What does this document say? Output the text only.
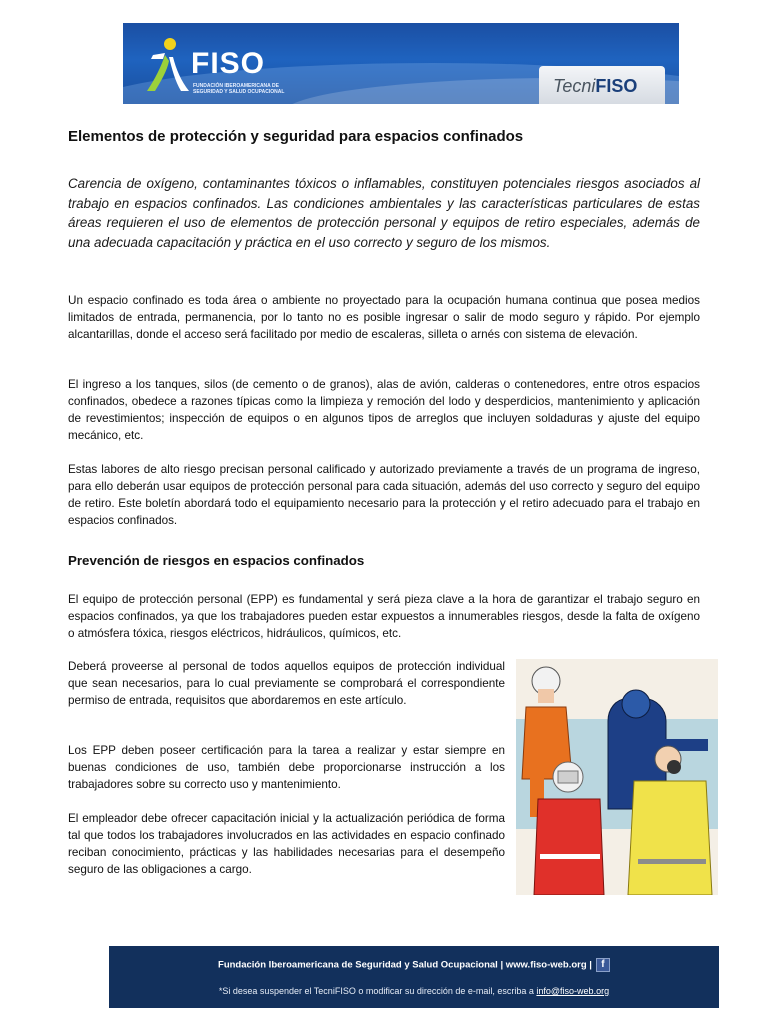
FISO
FUNDACIÓN IBEROAMERICANA DE SEGURIDAD Y SALUD OCUPACIONAL	TecniFISO
Elementos de protección y seguridad para espacios confinados

Carencia de oxígeno, contaminantes tóxicos o inflamables, constituyen potenciales riesgos asociados al trabajo en espacios confinados. Las condiciones ambientales y las características particulares de estas áreas requieren el uso de elementos de protección personal y equipos de retiro especiales, además de una adecuada capacitación y práctica en el uso correcto y seguro de los mismos.

Un espacio confinado es toda área o ambiente no proyectado para la ocupación humana continua que posea medios limitados de entrada, permanencia, por lo tanto no es posible ingresar o salir de modo seguro y rápido. Por ejemplo alcantarillas, donde el acceso será facilitado por medio de escaleras, silleta o arnés con sistema de elevación.

El ingreso a los tanques, silos (de cemento o de granos), alas de avión, calderas o contenedores, entre otros espacios confinados, obedece a razones típicas como la limpieza y remoción del lodo y desperdicios, mantenimiento y aplicación de revestimientos; inspección de equipos o en algunos tipos de arreglos que incluyen soldaduras y ajuste del equipo mecánico, etc.

Estas labores de alto riesgo precisan personal calificado y autorizado previamente a través de un programa de ingreso, para ello deberán usar equipos de protección personal para cada situación, además del uso correcto y seguro del equipo de retiro. Este boletín abordará todo el equipamiento necesario para la protección y el retiro adecuado para el trabajo en espacios confinados.

Prevención de riesgos en espacios confinados

El equipo de protección personal (EPP) es fundamental y será pieza clave a la hora de garantizar el trabajo seguro en espacios confinados, ya que los trabajadores pueden estar expuestos a innumerables riesgos, desde la falta de oxígeno o atmósfera tóxica, riesgos eléctricos, hidráulicos, químicos, etc.

Deberá proveerse al personal de todos aquellos equipos de protección individual que sean necesarios, para lo cual previamente se comprobará el correspondiente permiso de entrada, requisitos que abordaremos en este artículo.

Los EPP deben poseer certificación para la tarea a realizar y estar siempre en buenas condiciones de uso, también debe proporcionarse instrucción a los trabajadores sobre su correcto uso y mantenimiento.

El empleador debe ofrecer capacitación inicial y la actualización periódica de forma tal que todos los trabajadores involucrados en las actividades en espacio confinado reciban conocimiento, prácticas y las habilidades necesarias para el desempeño seguro de las obligaciones a cargo.

Fundación Iberoamericana de Seguridad y Salud Ocupacional | www.fiso-web.org | f
*Si desea suspender el TecniFISO o modificar su dirección de e-mail, escriba a info@fiso-web.org
